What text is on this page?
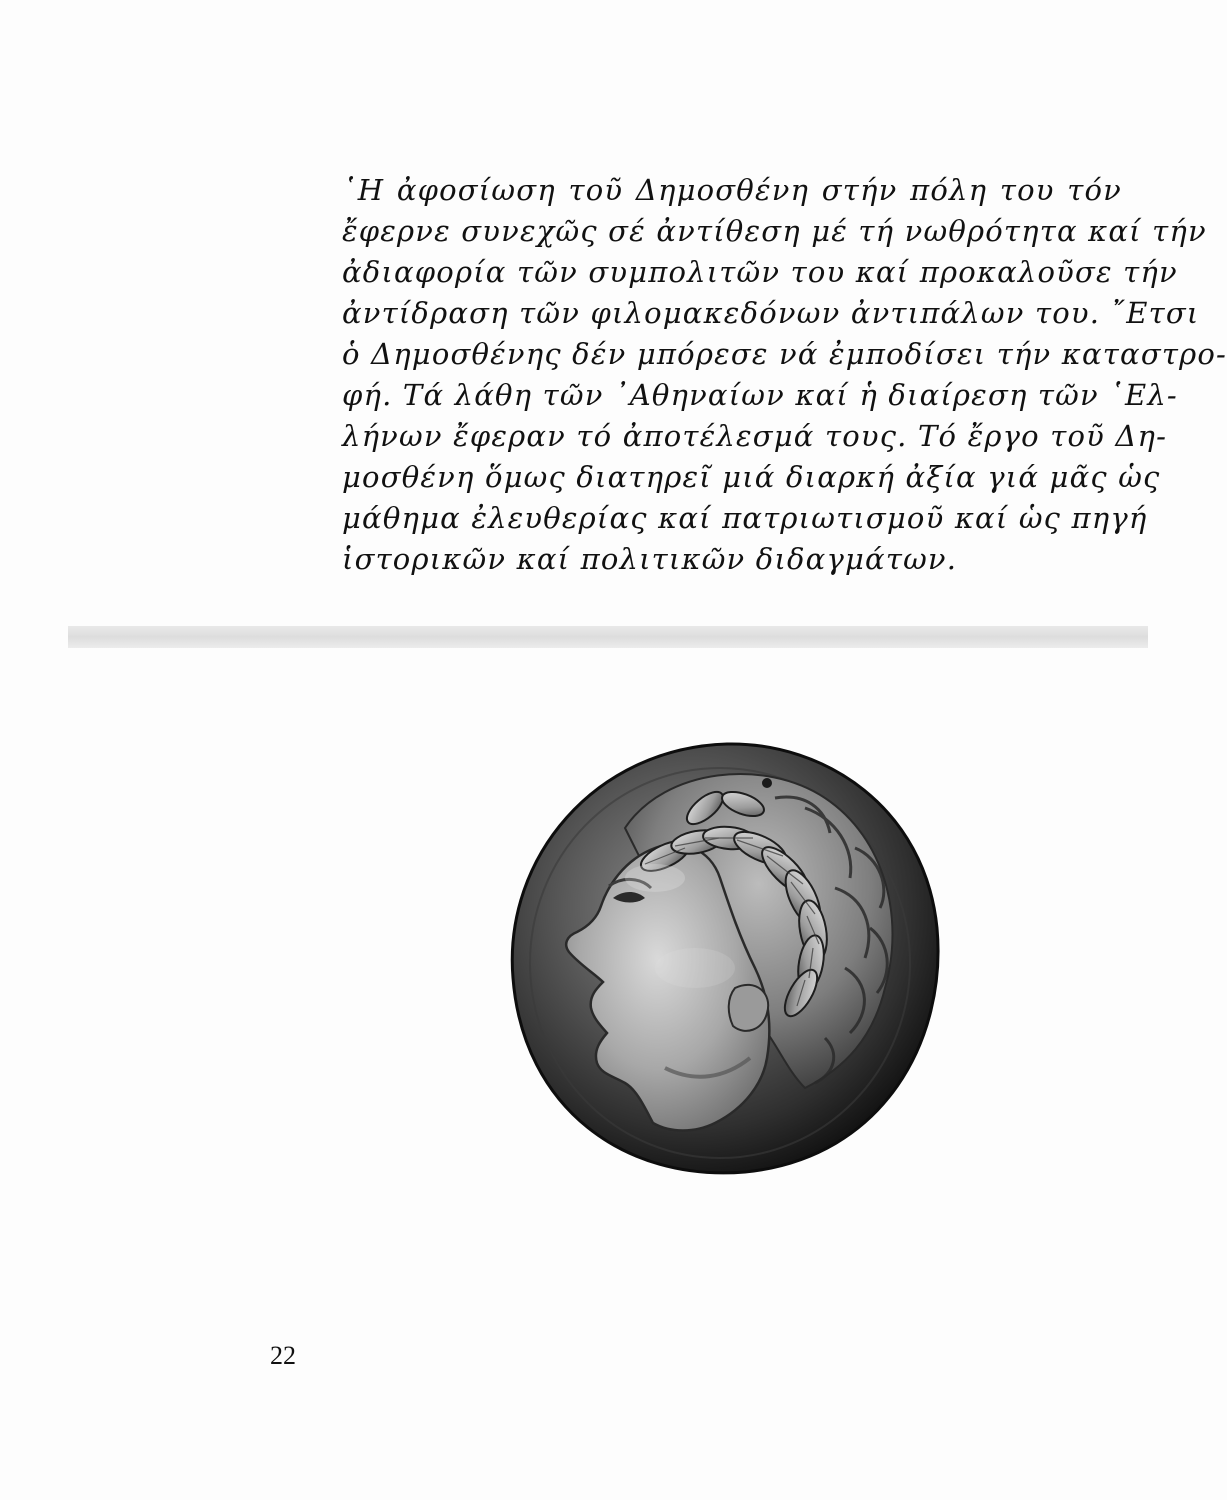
῾Η ἀφοσίωση τοῦ Δημοσθένη στήν πόλη του τόν
ἔφερνε συνεχῶς σέ ἀντίθεση μέ τή νωθρότητα καί τήν
ἀδιαφορία τῶν συμπολιτῶν του καί προκαλοῦσε τήν
ἀντίδραση τῶν φιλομακεδόνων ἀντιπάλων του. ῎Ετσι
ὁ Δημοσθένης δέν μπόρεσε νά ἐμποδίσει τήν καταστρο-
φή. Τά λάθη τῶν ᾿Αθηναίων καί ἡ διαίρεση τῶν ῾Ελ-
λήνων ἔφεραν τό ἀποτέλεσμά τους. Τό ἔργο τοῦ Δη-
μοσθένη ὅμως διατηρεῖ μιά διαρκή ἀξία γιά μᾶς ὡς
μάθημα ἐλευθερίας καί πατριωτισμοῦ καί ὡς πηγή
ἱστορικῶν καί πολιτικῶν διδαγμάτων.
22
